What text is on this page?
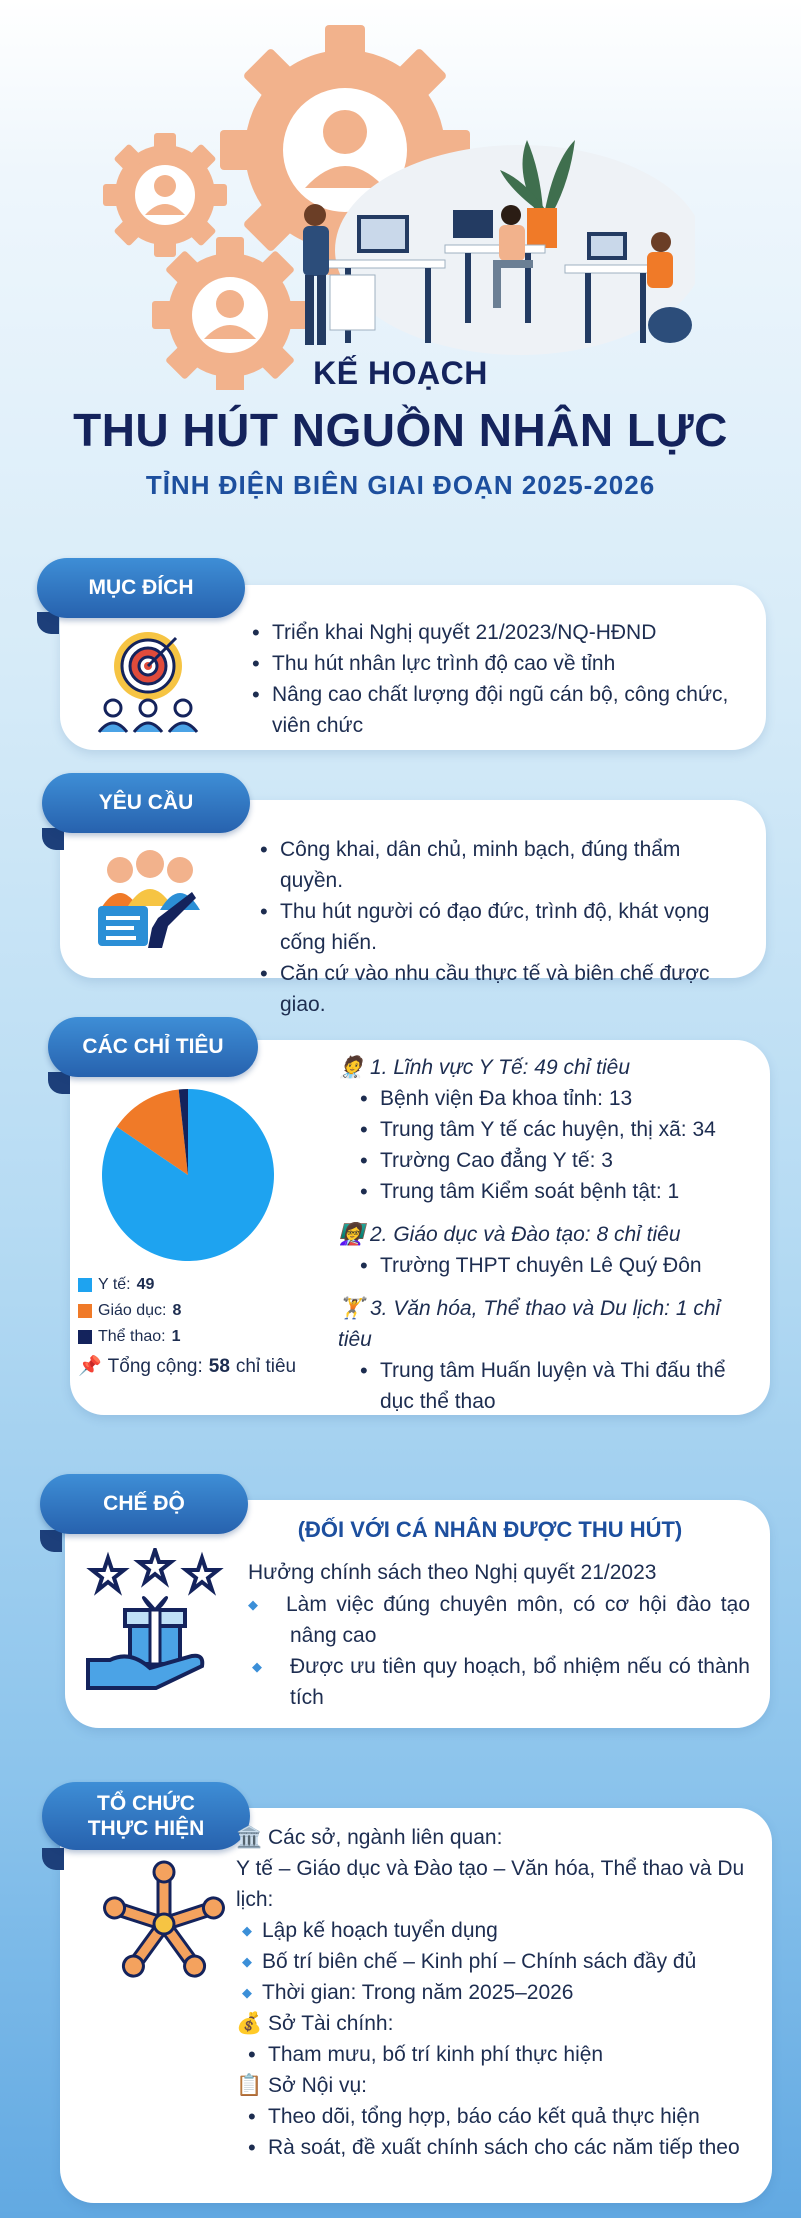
KẾ HOẠCH
THU HÚT NGUỒN NHÂN LỰC
TỈNH ĐIỆN BIÊN GIAI ĐOẠN 2025-2026
MỤC ĐÍCH
• Triển khai Nghị quyết 21/2023/NQ-HĐND
• Thu hút nhân lực trình độ cao về tỉnh
• Nâng cao chất lượng đội ngũ cán bộ, công chức, viên chức
YÊU CẦU
• Công khai, dân chủ, minh bạch, đúng thẩm quyền.
• Thu hút người có đạo đức, trình độ, khát vọng cống hiến.
• Căn cứ vào nhu cầu thực tế và biên chế được giao.
CÁC CHỈ TIÊU
Y tế: 49
Giáo dục: 8
Thể thao: 1
📌 Tổng cộng: 58 chỉ tiêu
🧑‍⚕️ 1. Lĩnh vực Y Tế: 49 chỉ tiêu
• Bệnh viện Đa khoa tỉnh: 13
• Trung tâm Y tế các huyện, thị xã: 34
• Trường Cao đẳng Y tế: 3
• Trung tâm Kiểm soát bệnh tật: 1
👩‍🏫 2. Giáo dục và Đào tạo: 8 chỉ tiêu
• Trường THPT chuyên Lê Quý Đôn
🏋️ 3. Văn hóa, Thể thao và Du lịch: 1 chỉ tiêu
• Trung tâm Huấn luyện và Thi đấu thể dục thể thao
CHẾ ĐỘ
(ĐỐI VỚI CÁ NHÂN ĐƯỢC THU HÚT)
Hưởng chính sách theo Nghị quyết 21/2023
◆ Làm việc đúng chuyên môn, có cơ hội đào tạo nâng cao
◆ Được ưu tiên quy hoạch, bổ nhiệm nếu có thành tích
TỔ CHỨC
THỰC HIỆN 🏛️ Các sở, ngành liên quan:
Y tế – Giáo dục và Đào tạo – Văn hóa, Thể thao và Du lịch:
◆ Lập kế hoạch tuyển dụng
◆ Bố trí biên chế – Kinh phí – Chính sách đầy đủ
◆ Thời gian: Trong năm 2025–2026
💰 Sở Tài chính:
• Tham mưu, bố trí kinh phí thực hiện
📋 Sở Nội vụ:
• Theo dõi, tổng hợp, báo cáo kết quả thực hiện
• Rà soát, đề xuất chính sách cho các năm tiếp theo
